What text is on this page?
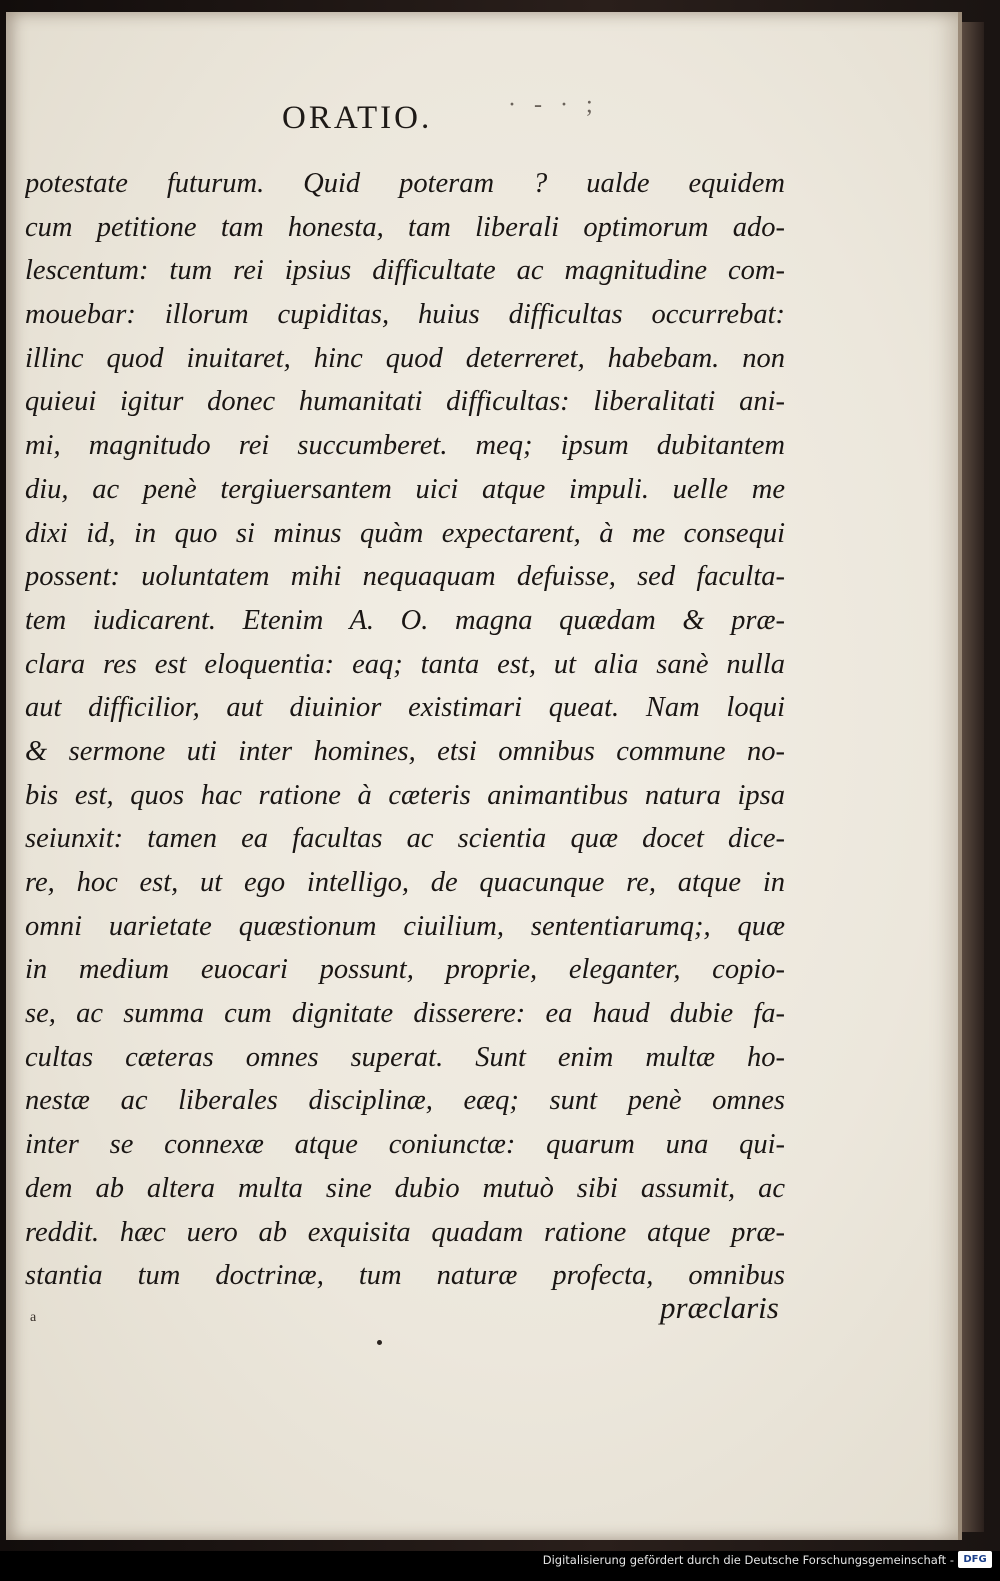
ORATIO.	· - · ;
potestate futurum. Quid poteram ? ualde equidem
cum petitione tam honesta, tam liberali optimorum ado-
lescentum: tum rei ipsius difficultate ac magnitudine com-
mouebar: illorum cupiditas, huius difficultas occurrebat:
illinc quod inuitaret, hinc quod deterreret, habebam. non
quieui igitur donec humanitati difficultas: liberalitati ani-
mi, magnitudo rei succumberet. meq; ipsum dubitantem
diu, ac penè tergiuersantem uici atque impuli. uelle me
dixi id, in quo si minus quàm expectarent, à me consequi
possent: uoluntatem mihi nequaquam defuisse, sed faculta-
tem iudicarent. Etenim A. O. magna quædam & præ-
clara res est eloquentia: eaq; tanta est, ut alia sanè nulla
aut difficilior, aut diuinior existimari queat. Nam loqui
& sermone uti inter homines, etsi omnibus commune no-
bis est, quos hac ratione à cæteris animantibus natura ipsa
seiunxit: tamen ea facultas ac scientia quæ docet dice-
re, hoc est, ut ego intelligo, de quacunque re, atque in
omni uarietate quæstionum ciuilium, sententiarumq;, quæ
in medium euocari possunt, proprie, eleganter, copio-
se, ac summa cum dignitate disserere: ea haud dubie fa-
cultas cæteras omnes superat. Sunt enim multæ ho-
nestæ ac liberales disciplinæ, eæq; sunt penè omnes
inter se connexæ atque coniunctæ: quarum una qui-
dem ab altera multa sine dubio mutuò sibi assumit, ac
reddit. hæc uero ab exquisita quadam ratione atque præ-
stantia tum doctrinæ, tum naturæ profecta, omnibus
præclaris
a
Digitalisierung gefördert durch die Deutsche Forschungsgemeinschaft - DFG
